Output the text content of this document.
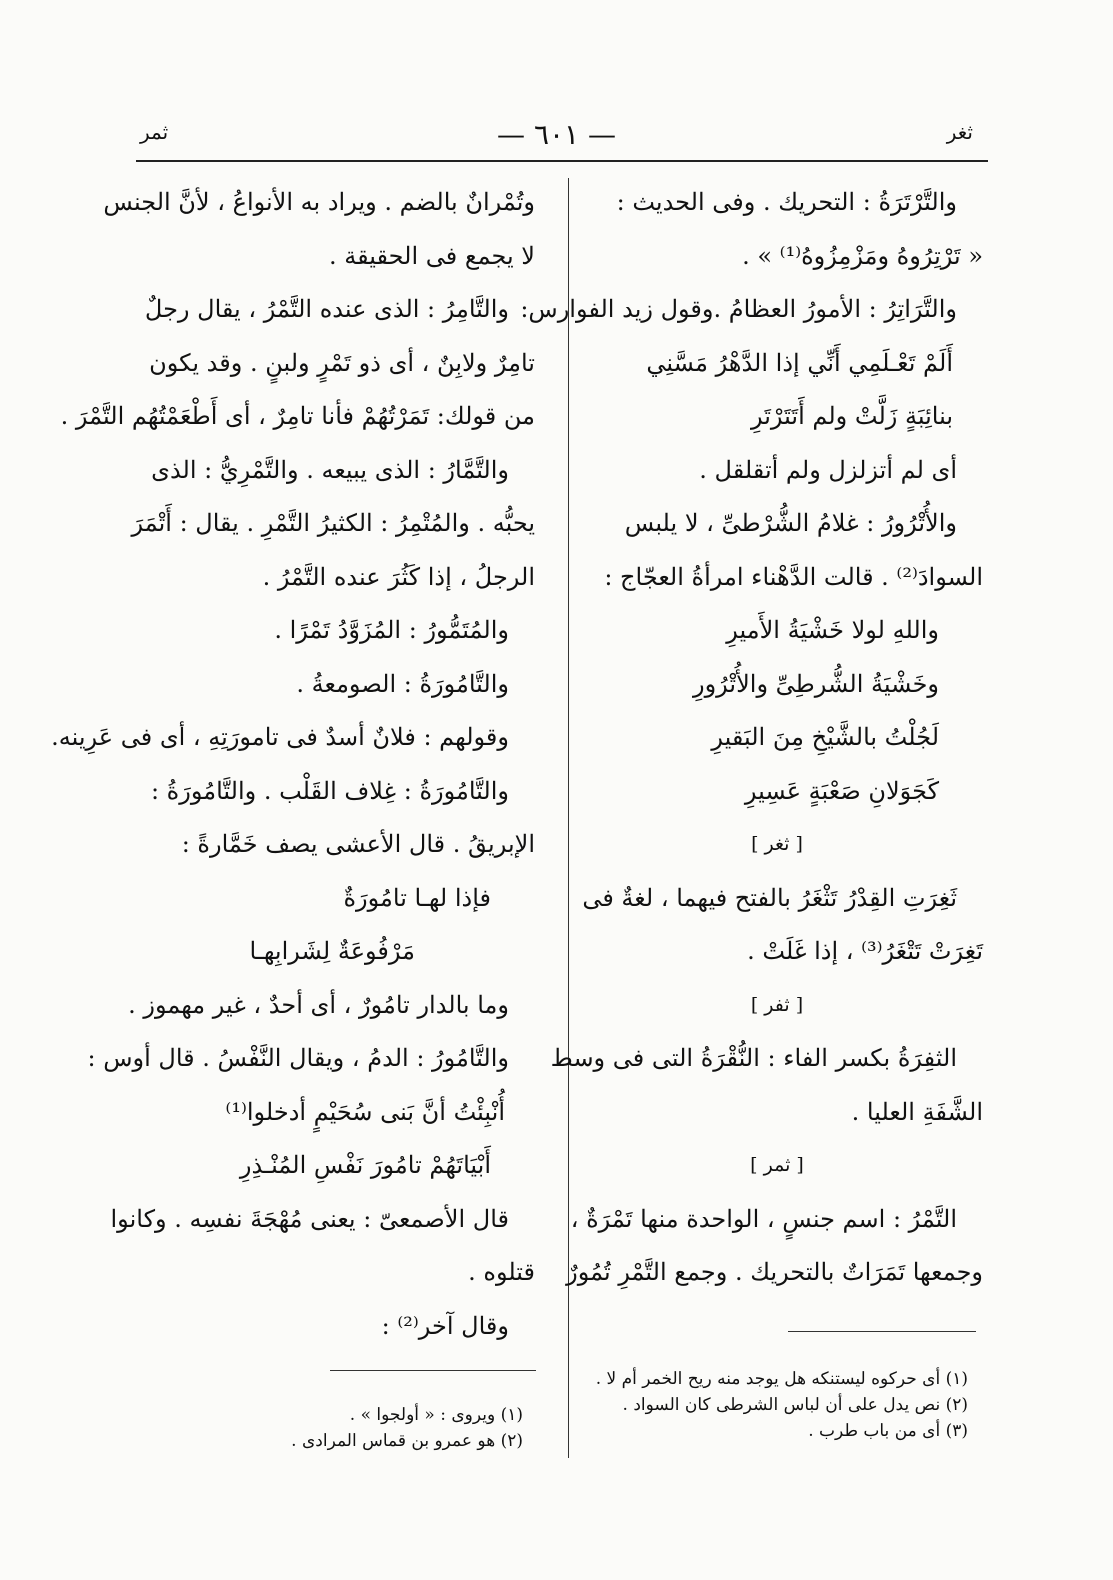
ثغر
— ٦٠١ —
ثمر
والتَّرْتَرَةُ : التحريك . وفى الحديث :
« تَرْتِرُوهُ ومَزْمِزُوهُ⁽¹⁾ » .
والتَّرَاتِرُ : الأمورُ العظامُ .وقول زيد الفوارس:
أَلَمْ تَعْـلَمِي أَنِّي إذا الدَّهْرُ مَسَّنِي
بنائِبَةٍ زَلَّتْ ولم أَتَتَرْتَرِ
أى لم أتزلزل ولم أتقلقل .
والأُتْرُورُ : غلامُ الشُّرْطىِّ ، لا يلبس
السوادَ⁽²⁾ . قالت الدَّهْناء امرأةُ العجّاج :
واللهِ لولا خَشْيَةُ الأَميرِ
وخَشْيَةُ الشُّرطِىِّ والأُتْرُورِ
لَجُلْتُ بالشَّيْخِ مِنَ البَقيرِ
كَجَوَلانِ صَعْبَةٍ عَسِيرِ
[ ثغر ]
ثَغِرَتِ القِدْرُ تَثْغَرُ بالفتح فيهما ، لغةٌ فى
تَغِرَتْ تَتْغَرُ⁽³⁾ ، إذا غَلَتْ .
[ ثفر ]
الثفِرَةُ بكسر الفاء : النُّقْرَةُ التى فى وسط
الشَّفَةِ العليا .
[ ثمر ]
التَّمْرُ : اسم جنسٍ ، الواحدة منها تَمْرَةٌ ،
وجمعها تَمَرَاتٌ بالتحريك . وجمع التَّمْرِ تُمُورٌ
وتُمْرانٌ بالضم . ويراد به الأنواعُ ، لأنَّ الجنس
لا يجمع فى الحقيقة .
والتَّامِرُ : الذى عنده التَّمْرُ ، يقال رجلٌ
تامِرٌ ولابِنٌ ، أى ذو تَمْرٍ ولبنٍ . وقد يكون
من قولك: تَمَرْتُهُمْ فأنا تامِرٌ ، أى أَطْعَمْتُهُم التَّمْرَ .
والتَّمَّارُ : الذى يبيعه . والتَّمْرِيُّ : الذى
يحبُّه . والمُتْمِرُ : الكثيرُ التَّمْرِ . يقال : أَتْمَرَ
الرجلُ ، إذا كَثُرَ عنده التَّمْرُ .
والمُتَمُّورُ : المُزَوَّدُ تَمْرًا .
والتَّامُورَةُ : الصومعةُ .
وقولهم : فلانٌ أسدٌ فى تامورَتِهِ ، أى فى عَرِينه.
والتَّامُورَةُ : غِلاف القَلْب . والتَّامُورَةُ :
الإبريقُ . قال الأعشى يصف خَمَّارةً :
فإذا لهـا تامُورَةٌ
مَرْفُوعَةٌ لِشَرابِهـا
وما بالدار تامُورٌ ، أى أحدٌ ، غير مهموز .
والتَّامُورُ : الدمُ ، ويقال النَّفْسُ . قال أوس :
أُنْبِئْتُ أنَّ بَنى سُحَيْمٍ أدخلوا⁽¹⁾
أَبْيَاتَهُمْ تامُورَ نَفْسِ المُنْـذِرِ
قال الأصمعىّ : يعنى مُهْجَةَ نفسِه . وكانوا
قتلوه .
وقال آخر⁽²⁾ :
(١) أى حركوه ليستنكه هل يوجد منه ريح الخمر أم لا .
(٢) نص يدل على أن لباس الشرطى كان السواد .
(٣) أى من باب طرب .
(١) ويروى : « أولجوا » .
(٢) هو عمرو بن قماس المرادى .
